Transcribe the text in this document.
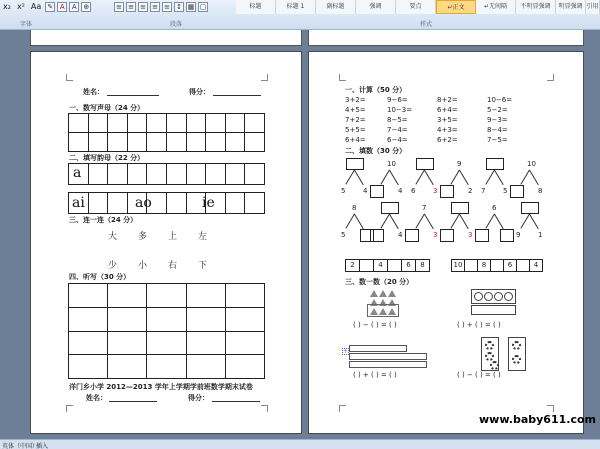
x₂ x² Aa ✎ A	A ⊕	≡ ≡ ≡ ≡ ≡ ↕ ▦ ▢	标题	标题 1	副标题	强调	要点	↵正文	↵无间隔	不明显强调	明显强调 引用
字体	段落	样式
姓名：	得分：
一、数写声母（24 分）

二、填写韵母（22 分）

a

ai	ao	ie
三、连一连（24 分）
大 多 上 左
少 小 右 下
四、听写（30 分）

洋门乡小学 2012—2013 学年上学期学前班数学期末试卷
姓名：	得分：
一、计算（50 分）
3+2=	9−6=	8+2=	10−6=
4+5=	10−3=	6+4=	5−2=
7+2=	8−5=	3+5=	9−3=
5+5=	7−4=	4+3=	8−4=
6+4=	6−4=	6+2=	7−5=
二、填数（30 分）
5	4
10
4 6	3
9
2 7	5
10
8
8
5	4
7
3	3
6
9	1
2	4	6	8	10	8	6	4
三、数一数（20 分）
( ) − ( ) = ( )	( ) + ( ) = ( )
+
( ) + ( ) = ( )	( ) − ( ) = ( )
www.baby611.com
英体（中国）
插入
